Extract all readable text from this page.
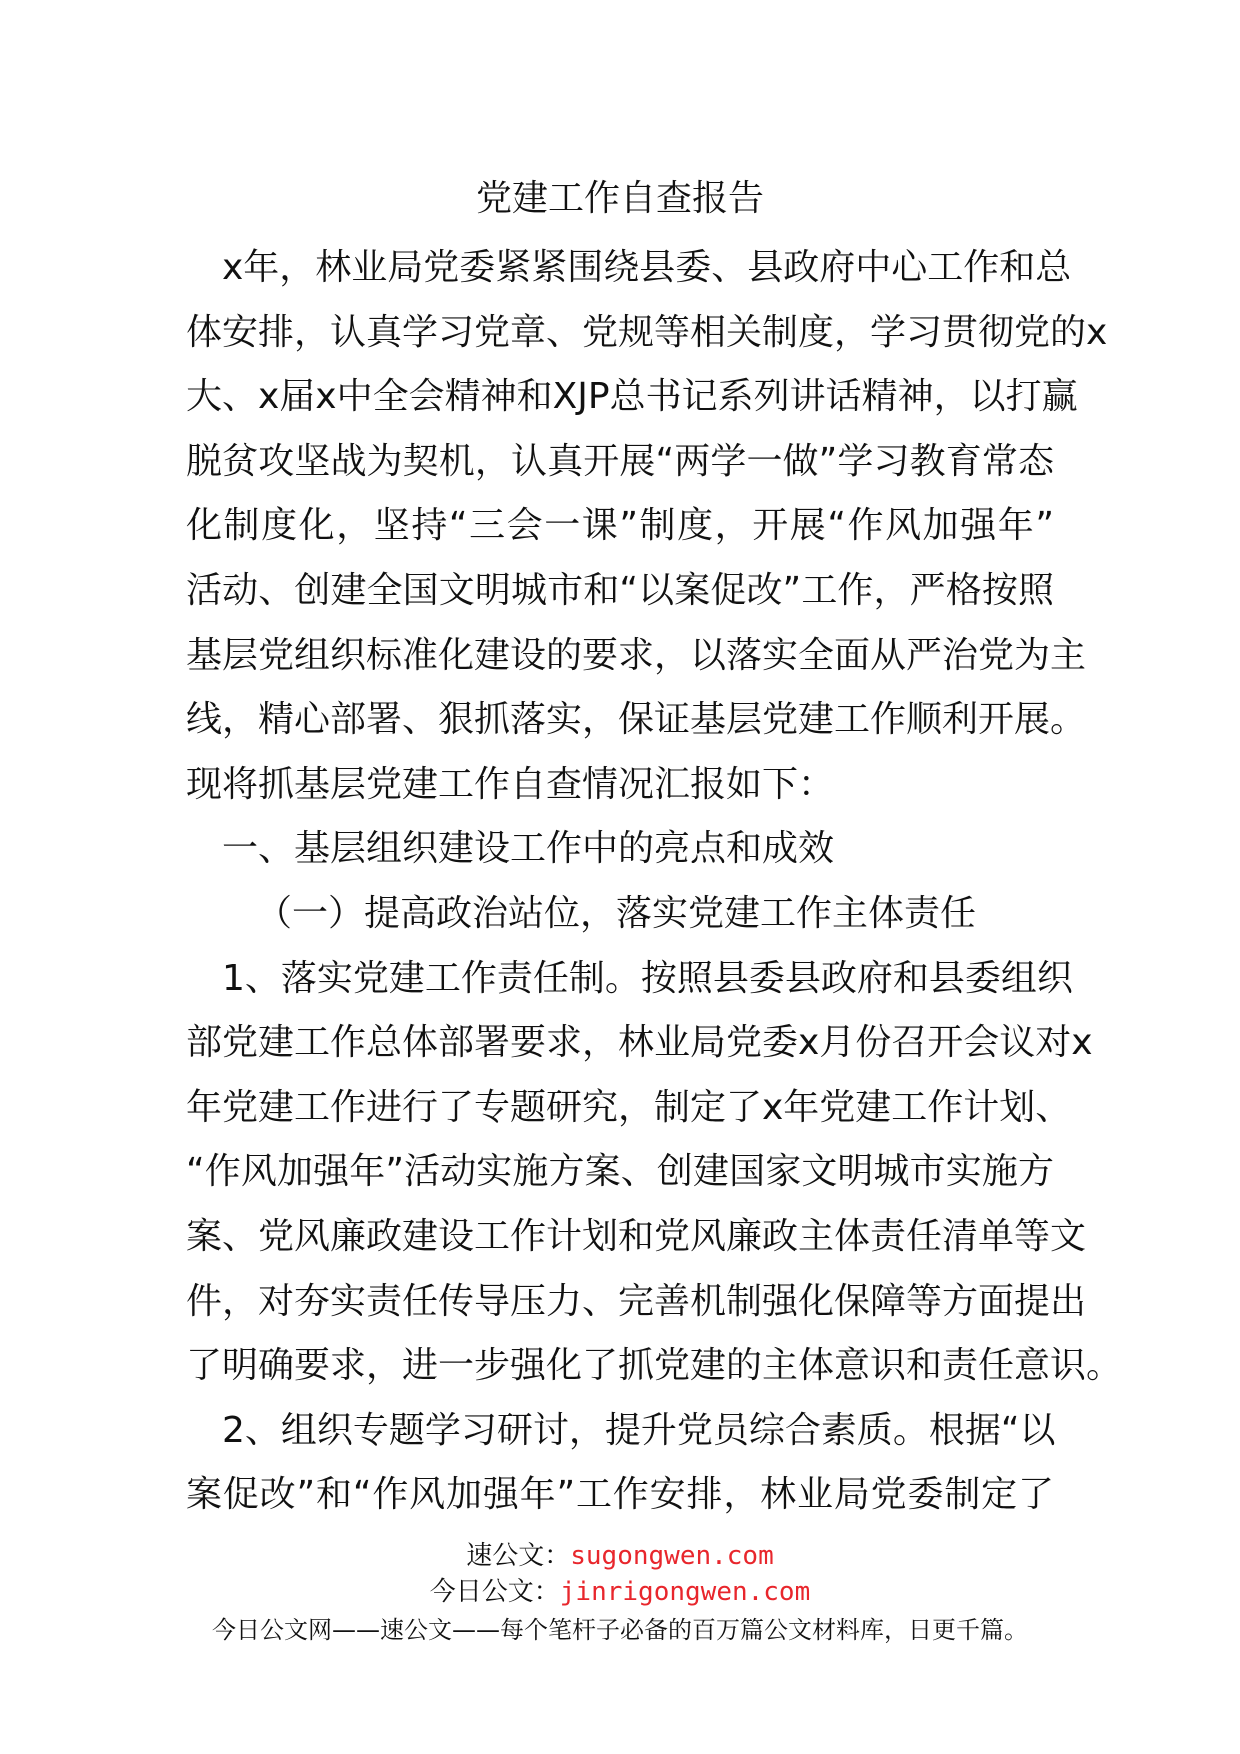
党建工作自查报告
x年，林业局党委紧紧围绕县委、县政府中心工作和总
体安排，认真学习党章、党规等相关制度，学习贯彻党的x
大、x届x中全会精神和XJP总书记系列讲话精神，以打赢
脱贫攻坚战为契机，认真开展“两学一做”学习教育常态
化制度化，坚持“三会一课”制度，开展“作风加强年”
活动、创建全国文明城市和“以案促改”工作，严格按照
基层党组织标准化建设的要求，以落实全面从严治党为主
线，精心部署、狠抓落实，保证基层党建工作顺利开展。
现将抓基层党建工作自查情况汇报如下：
一、基层组织建设工作中的亮点和成效
（一）提高政治站位，落实党建工作主体责任
1、落实党建工作责任制。按照县委县政府和县委组织
部党建工作总体部署要求，林业局党委x月份召开会议对x
年党建工作进行了专题研究，制定了x年党建工作计划、
“作风加强年”活动实施方案、创建国家文明城市实施方
案、党风廉政建设工作计划和党风廉政主体责任清单等文
件，对夯实责任传导压力、完善机制强化保障等方面提出
了明确要求，进一步强化了抓党建的主体意识和责任意识。
2、组织专题学习研讨，提升党员综合素质。根据“以
案促改”和“作风加强年”工作安排，林业局党委制定了
速公文：sugongwen.com
今日公文：jinrigongwen.com
今日公文网——速公文——每个笔杆子必备的百万篇公文材料库，日更千篇。
